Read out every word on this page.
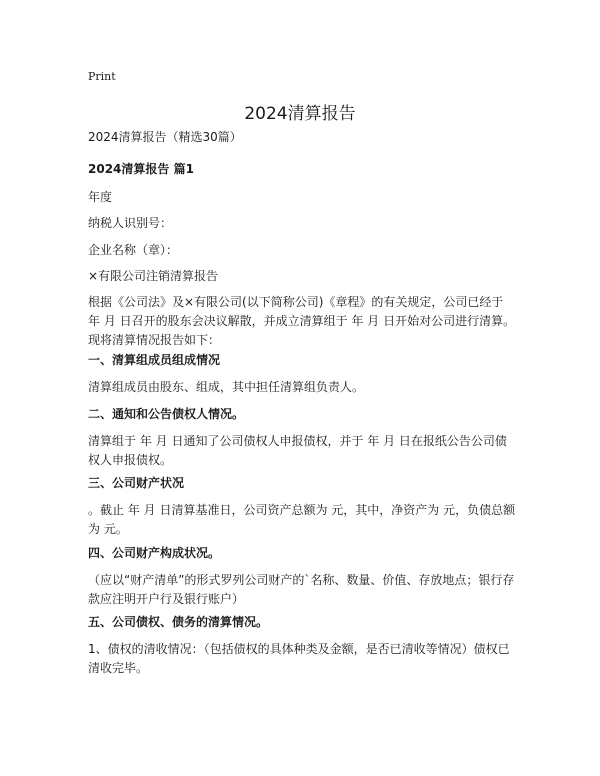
Print
2024清算报告

2024清算报告（精选30篇）

2024清算报告 篇1

年度

纳税人识别号：

企业名称（章）：

×有限公司注销清算报告

根据《公司法》及×有限公司(以下简称公司)《章程》的有关规定，公司已经于 年 月 日召开的股东会决议解散，并成立清算组于 年 月 日开始对公司进行清算。现将清算情况报告如下：

一、清算组成员组成情况

清算组成员由股东、组成，其中担任清算组负责人。

二、通知和公告债权人情况。

清算组于 年 月 日通知了公司债权人申报债权，并于 年 月 日在报纸公告公司债权人申报债权。

三、公司财产状况

。截止 年 月 日清算基准日，公司资产总额为 元，其中，净资产为 元，负债总额为 元。

四、公司财产构成状况。

（应以“财产清单”的形式罗列公司财产的`名称、数量、价值、存放地点；银行存款应注明开户行及银行账户）

五、公司债权、债务的清算情况。

1、债权的清收情况：（包括债权的具体种类及金额，是否已清收等情况）债权已清收完毕。
